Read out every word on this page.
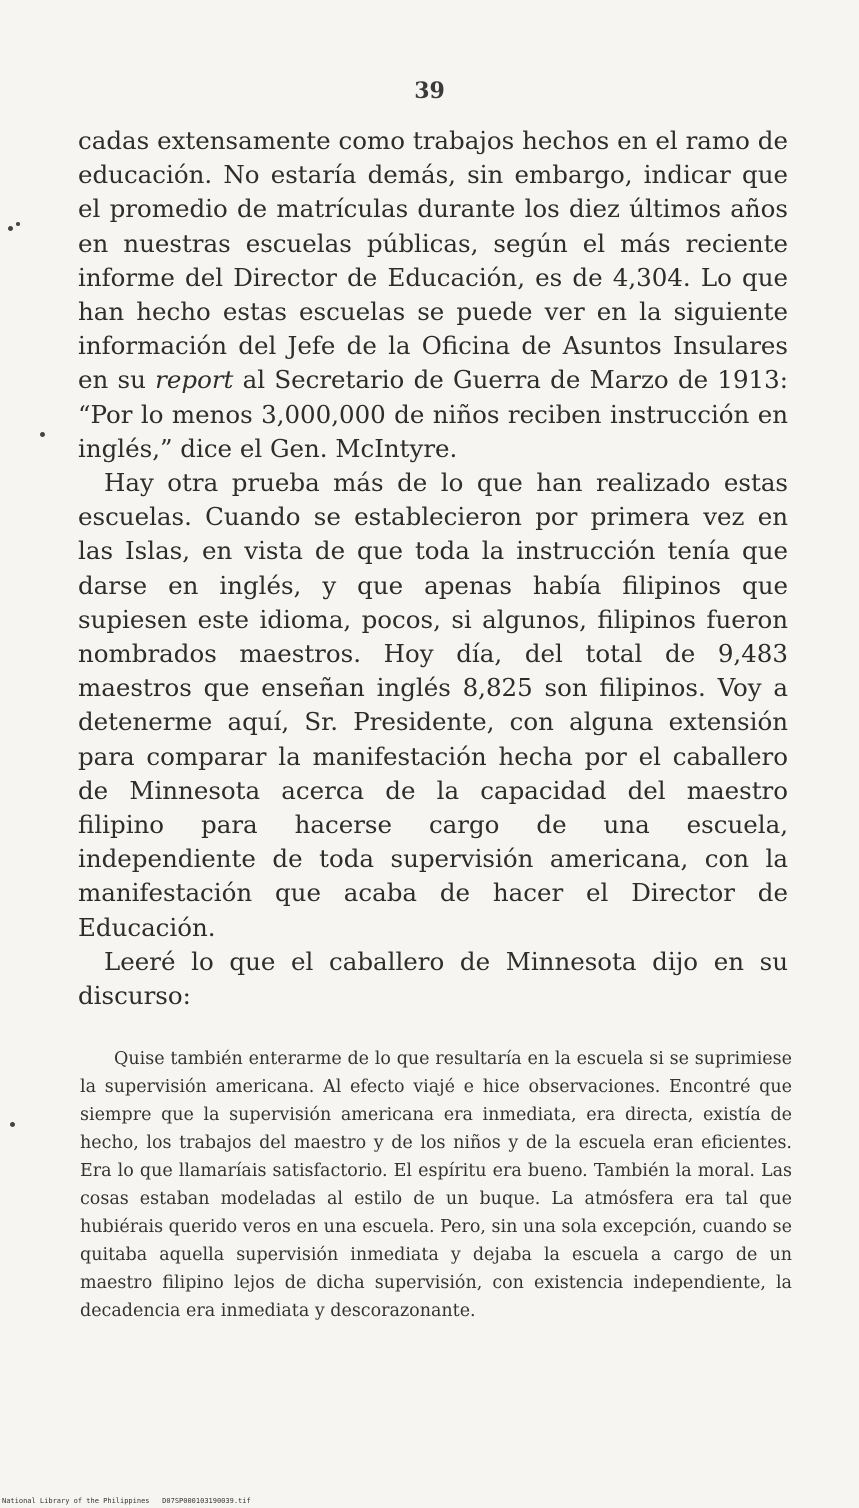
39

cadas extensamente como trabajos hechos en el ramo de educación. No estaría demás, sin embargo, indicar que el promedio de matrículas durante los diez últimos años en nuestras escuelas públicas, según el más reciente informe del Director de Educación, es de 4,304. Lo que han hecho estas escuelas se puede ver en la siguiente información del Jefe de la Oficina de Asuntos Insulares en su report al Secretario de Guerra de Marzo de 1913: “Por lo menos 3,000,000 de niños reciben instrucción en inglés,” dice el Gen. McIntyre.

Hay otra prueba más de lo que han realizado estas escuelas. Cuando se establecieron por primera vez en las Islas, en vista de que toda la instrucción tenía que darse en inglés, y que apenas había filipinos que supiesen este idioma, pocos, si algunos, filipinos fueron nombrados maestros. Hoy día, del total de 9,483 maestros que enseñan inglés 8,825 son filipinos. Voy a detenerme aquí, Sr. Presidente, con alguna extensión para comparar la manifestación hecha por el caballero de Minnesota acerca de la capacidad del maestro filipino para hacerse cargo de una escuela, independiente de toda supervisión americana, con la manifestación que acaba de hacer el Director de Educación.

Leeré lo que el caballero de Minnesota dijo en su discurso:

Quise también enterarme de lo que resultaría en la escuela si se suprimiese la supervisión americana. Al efecto viajé e hice observaciones. Encontré que siempre que la supervisión americana era inmediata, era directa, existía de hecho, los trabajos del maestro y de los niños y de la escuela eran eficientes. Era lo que llamaríais satisfactorio. El espíritu era bueno. También la moral. Las cosas estaban modeladas al estilo de un buque. La atmósfera era tal que hubiérais querido veros en una escuela. Pero, sin una sola excepción, cuando se quitaba aquella supervisión inmediata y dejaba la escuela a cargo de un maestro filipino lejos de dicha supervisión, con existencia independiente, la decadencia era inmediata y descorazonante.
National Library of the Philippines D07SP000103190039.tif
